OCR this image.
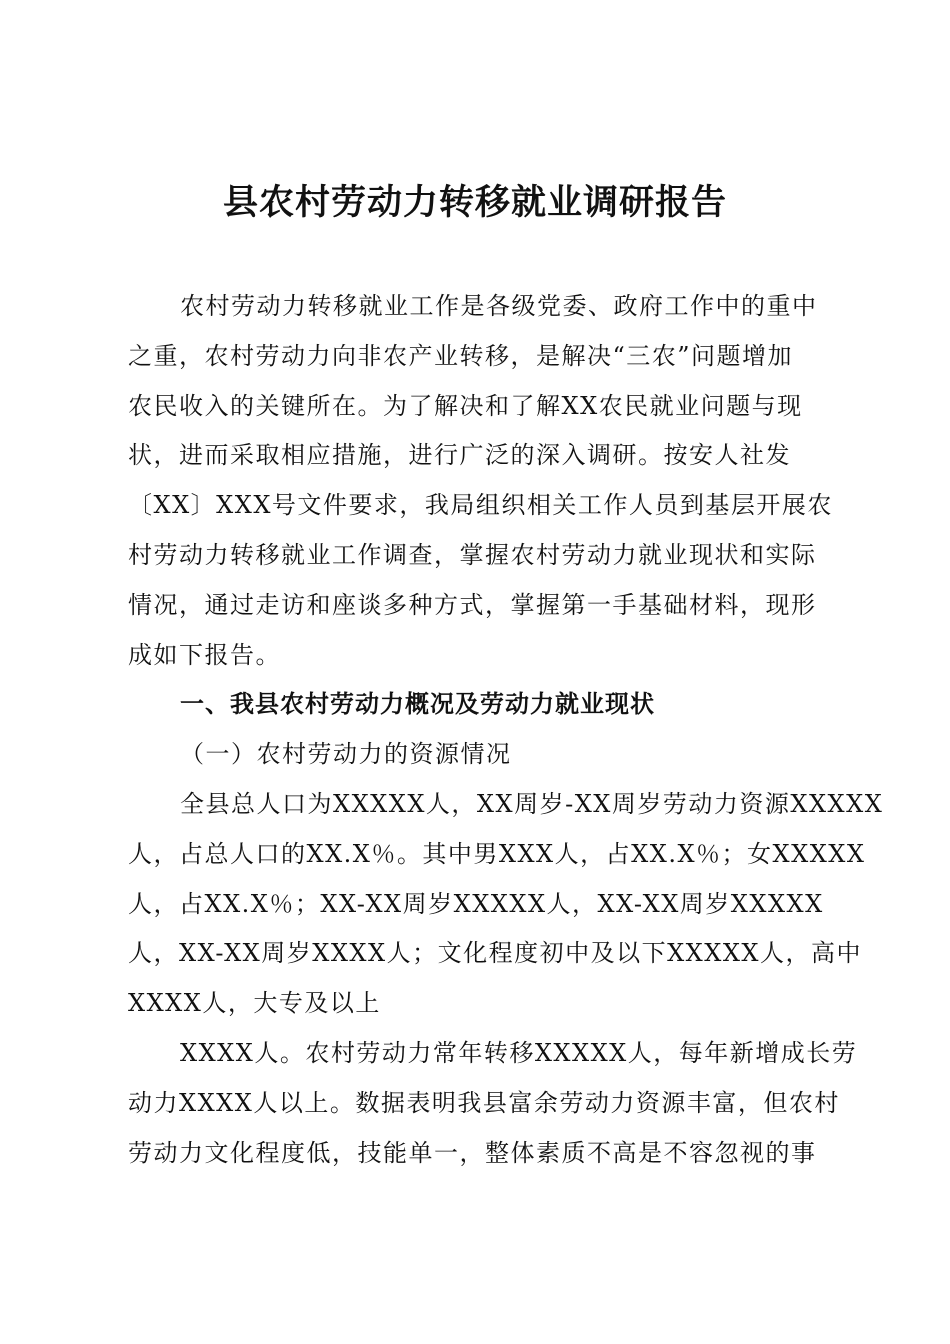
县农村劳动力转移就业调研报告
农村劳动力转移就业工作是各级党委、政府工作中的重中
之重，农村劳动力向非农产业转移，是解决“三农”问题增加
农民收入的关键所在。为了解决和了解XX农民就业问题与现
状，进而采取相应措施，进行广泛的深入调研。按安人社发
〔XX〕XXX号文件要求，我局组织相关工作人员到基层开展农
村劳动力转移就业工作调查，掌握农村劳动力就业现状和实际
情况，通过走访和座谈多种方式，掌握第一手基础材料，现形
成如下报告。
一、我县农村劳动力概况及劳动力就业现状
（一）农村劳动力的资源情况
全县总人口为XXXXX人，XX周岁-XX周岁劳动力资源XXXXX
人，占总人口的XX.X％。其中男XXX人，占XX.X％；女XXXXX
人，占XX.X％；XX-XX周岁XXXXX人，XX-XX周岁XXXXX
人，XX-XX周岁XXXX人；文化程度初中及以下XXXXX人，高中
XXXX人，大专及以上
XXXX人。农村劳动力常年转移XXXXX人，每年新增成长劳
动力XXXX人以上。数据表明我县富余劳动力资源丰富，但农村
劳动力文化程度低，技能单一，整体素质不高是不容忽视的事
